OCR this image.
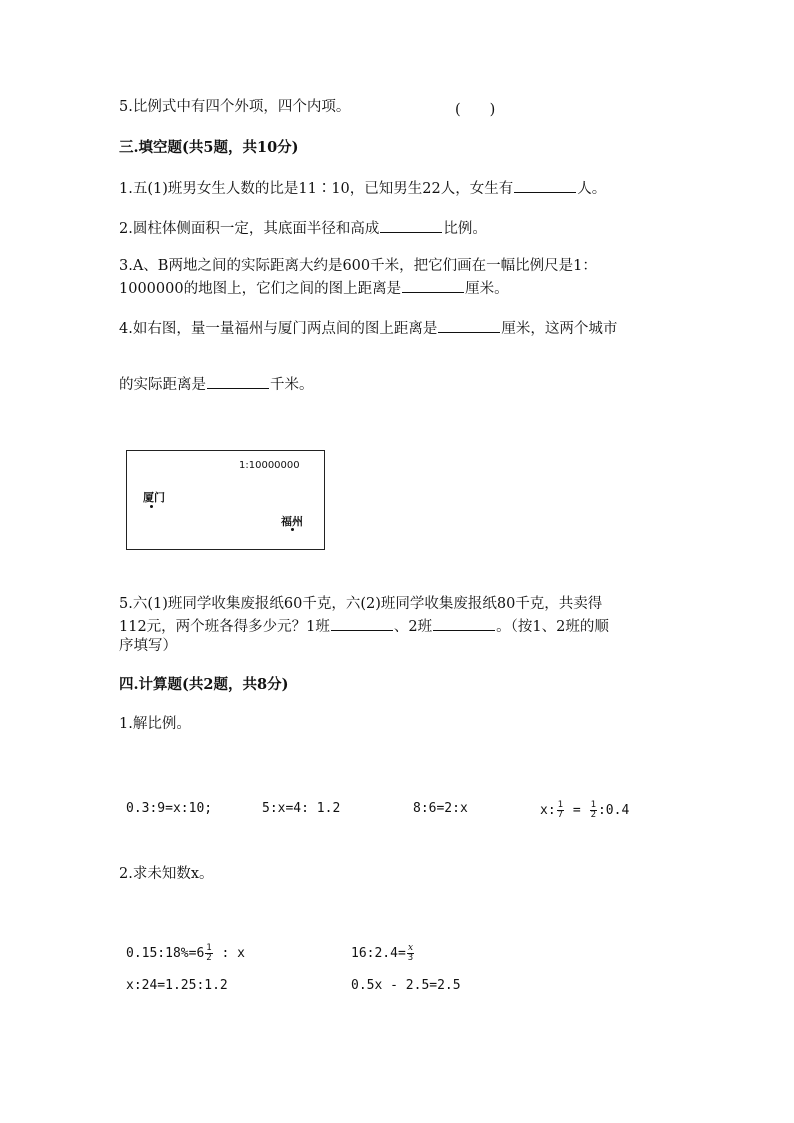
5.比例式中有四个外项，四个内项。	(　　)
三.填空题(共5题，共10分)
1.五(1)班男女生人数的比是11∶10，已知男生22人，女生有	人。
2.圆柱体侧面积一定，其底面半径和高成	比例。
3.A、B两地之间的实际距离大约是600千米，把它们画在一幅比例尺是1：
1000000的地图上，它们之间的图上距离是	厘米。
4.如右图，量一量福州与厦门两点间的图上距离是	厘米，这两个城市
的实际距离是	千米。
1:10000000
厦门
福州
5.六(1)班同学收集废报纸60千克，六(2)班同学收集废报纸80千克，共卖得
112元，两个班各得多少元？1班	、2班	。（按1、2班的顺
序填写）
四.计算题(共2题，共8分)
1.解比例。
0.3:9=x:10;	5:x=4: 1.2	8:6=2:x	x: $\frac{1}{7} = \frac{1}{2}$ :0.4
2.求未知数x。
0.15:18%=6 $\frac{1}{2}$ : x	16:2.4= $\frac{x}{3}$
x:24=1.25:1.2	0.5x - 2.5=2.5
